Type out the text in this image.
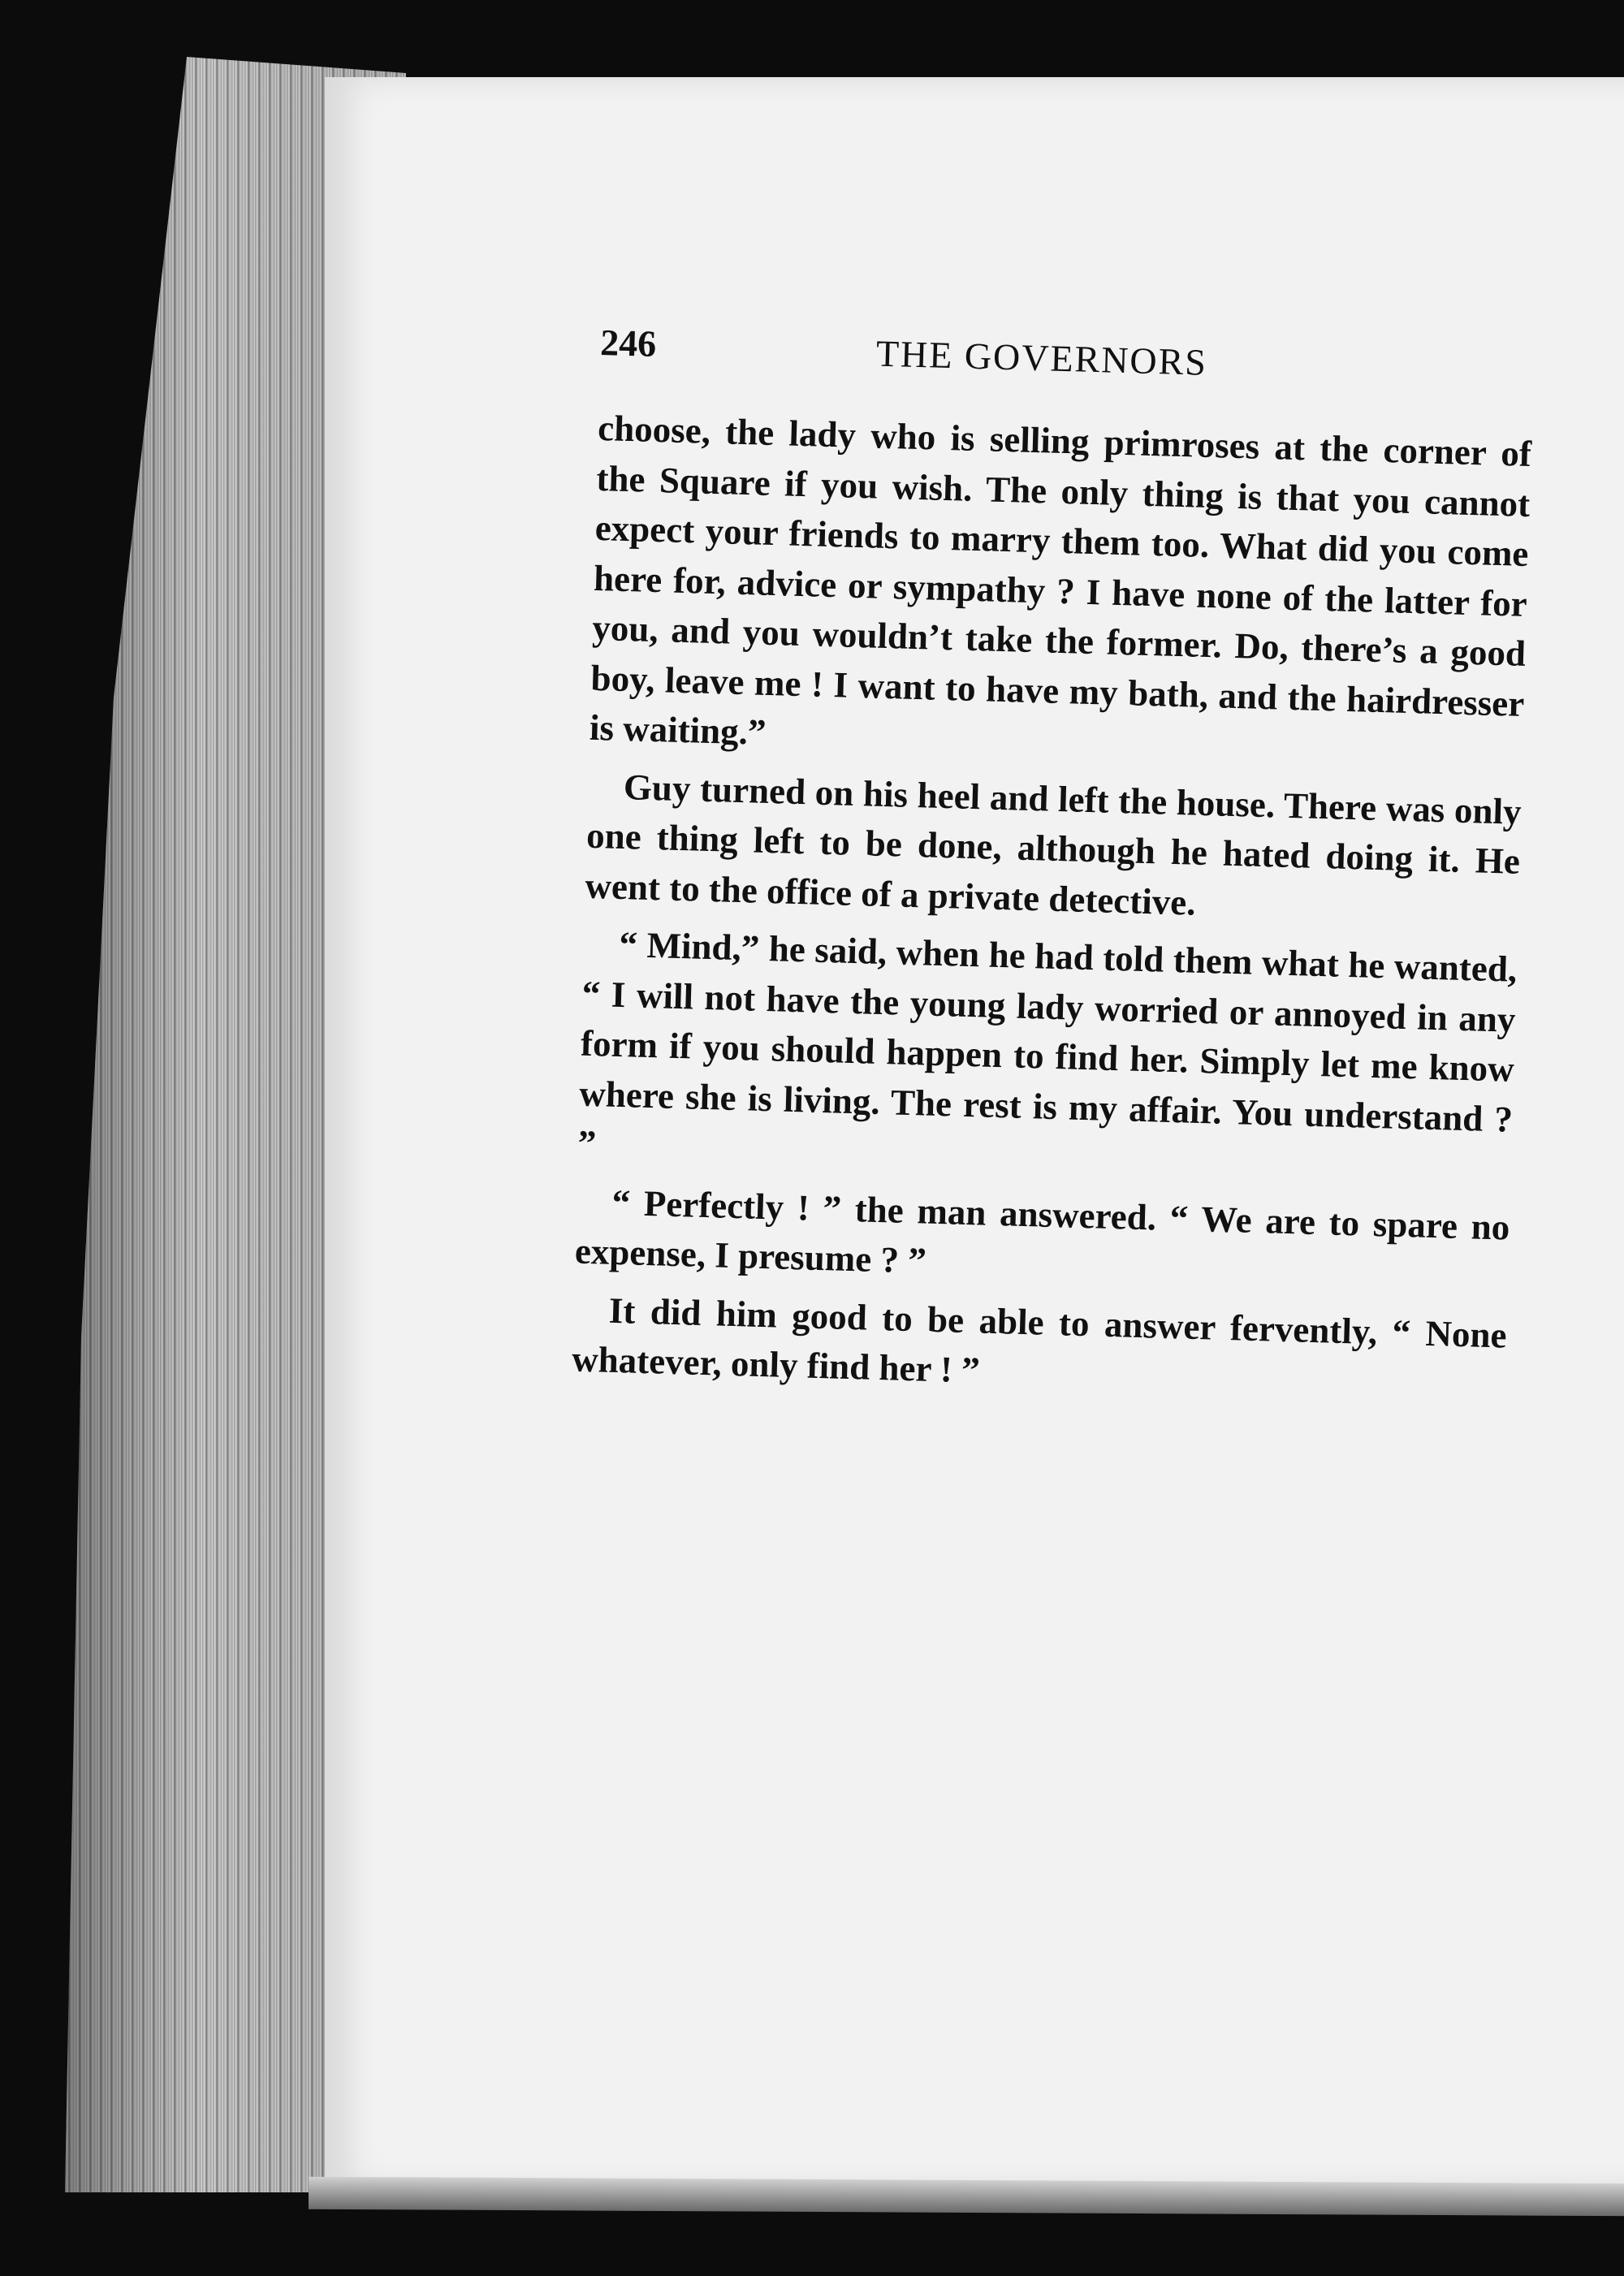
246	THE GOVERNORS

choose, the lady who is selling primroses at the corner of the Square if you wish. The only thing is that you cannot expect your friends to marry them too. What did you come here for, advice or sympathy ? I have none of the latter for you, and you wouldn’t take the former. Do, there’s a good boy, leave me ! I want to have my bath, and the hairdresser is waiting.”

Guy turned on his heel and left the house. There was only one thing left to be done, although he hated doing it. He went to the office of a private detective.

“ Mind,” he said, when he had told them what he wanted, “ I will not have the young lady worried or annoyed in any form if you should happen to find her. Simply let me know where she is living. The rest is my affair. You understand ? ”

“ Perfectly ! ” the man answered. “ We are to spare no expense, I presume ? ”

It did him good to be able to answer fervently, “ None whatever, only find her ! ”
